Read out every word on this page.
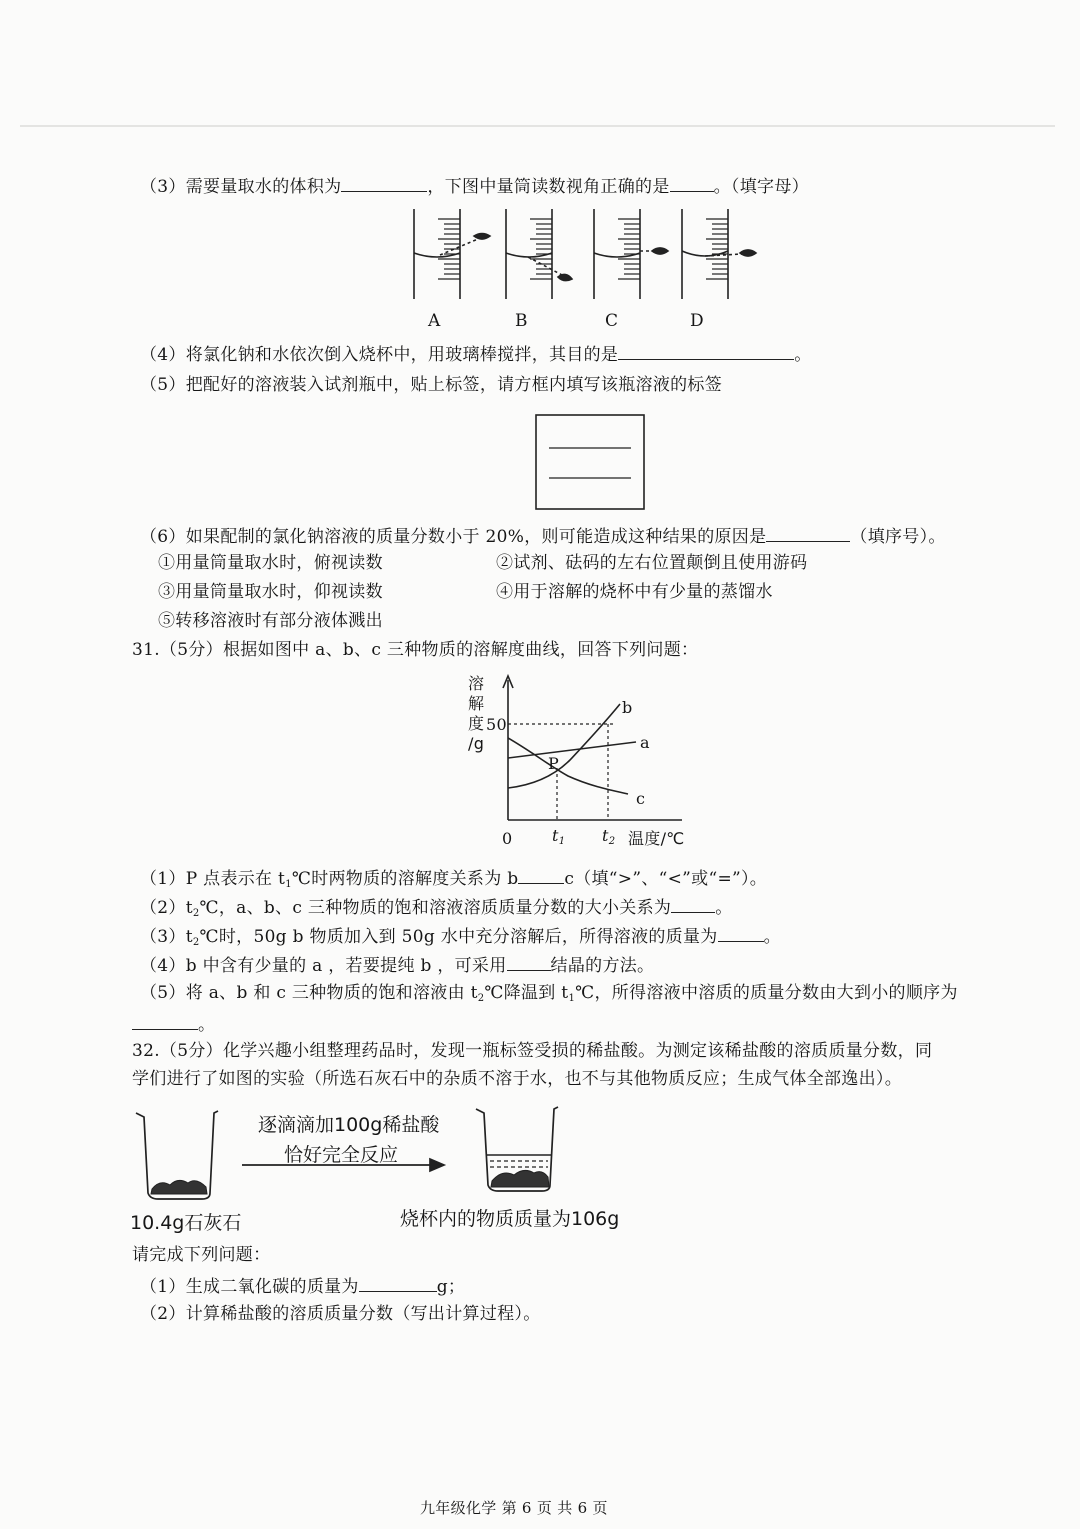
（3）需要量取水的体积为	，下图中量筒读数视角正确的是	。（填字母）
A	B	C	D
（4）将氯化钠和水依次倒入烧杯中，用玻璃棒搅拌，其目的是	。
（5）把配好的溶液装入试剂瓶中，贴上标签，请方框内填写该瓶溶液的标签
（6）如果配制的氯化钠溶液的质量分数小于 20%，则可能造成这种结果的原因是	（填序号）。
①用量筒量取水时，俯视读数	②试剂、砝码的左右位置颠倒且使用游码
③用量筒量取水时，仰视读数	④用于溶解的烧杯中有少量的蒸馏水
⑤转移溶液时有部分液体溅出
31.（5分）根据如图中 a、b、c 三种物质的溶解度曲线，回答下列问题：
溶
解
度
/g
50
0 $t_1$ $t_2$ 温度/℃
P
b
a
c
（1）P 点表示在 $t_1℃$时两物质的溶解度关系为 b	c（填“>”、“<”或“=”）。
$(2)t_2℃$，a、b、c 三种物质的饱和溶液溶质质量分数的大小关系为	。
$(3)t_2℃$时，50g b 物质加入到 50g 水中充分溶解后，所得溶液的质量为	。
（4）b 中含有少量的 a ，若要提纯 b ，可采用	结晶的方法。
（5）将 a、b 和 c 三种物质的饱和溶液由 $t_2℃$降温到 $t_1℃$，所得溶液中溶质的质量分数由大到小的顺序为
。
32.（5分）化学兴趣小组整理药品时，发现一瓶标签受损的稀盐酸。为测定该稀盐酸的溶质质量分数，同
学们进行了如图的实验（所选石灰石中的杂质不溶于水，也不与其他物质反应；生成气体全部逸出）。
逐滴滴加100g稀盐酸
恰好完全反应
10.4g石灰石	烧杯内的物质质量为106g
请完成下列问题：
（1）生成二氧化碳的质量为	g；
（2）计算稀盐酸的溶质质量分数（写出计算过程）。
九年级化学 第 6 页 共 6 页
